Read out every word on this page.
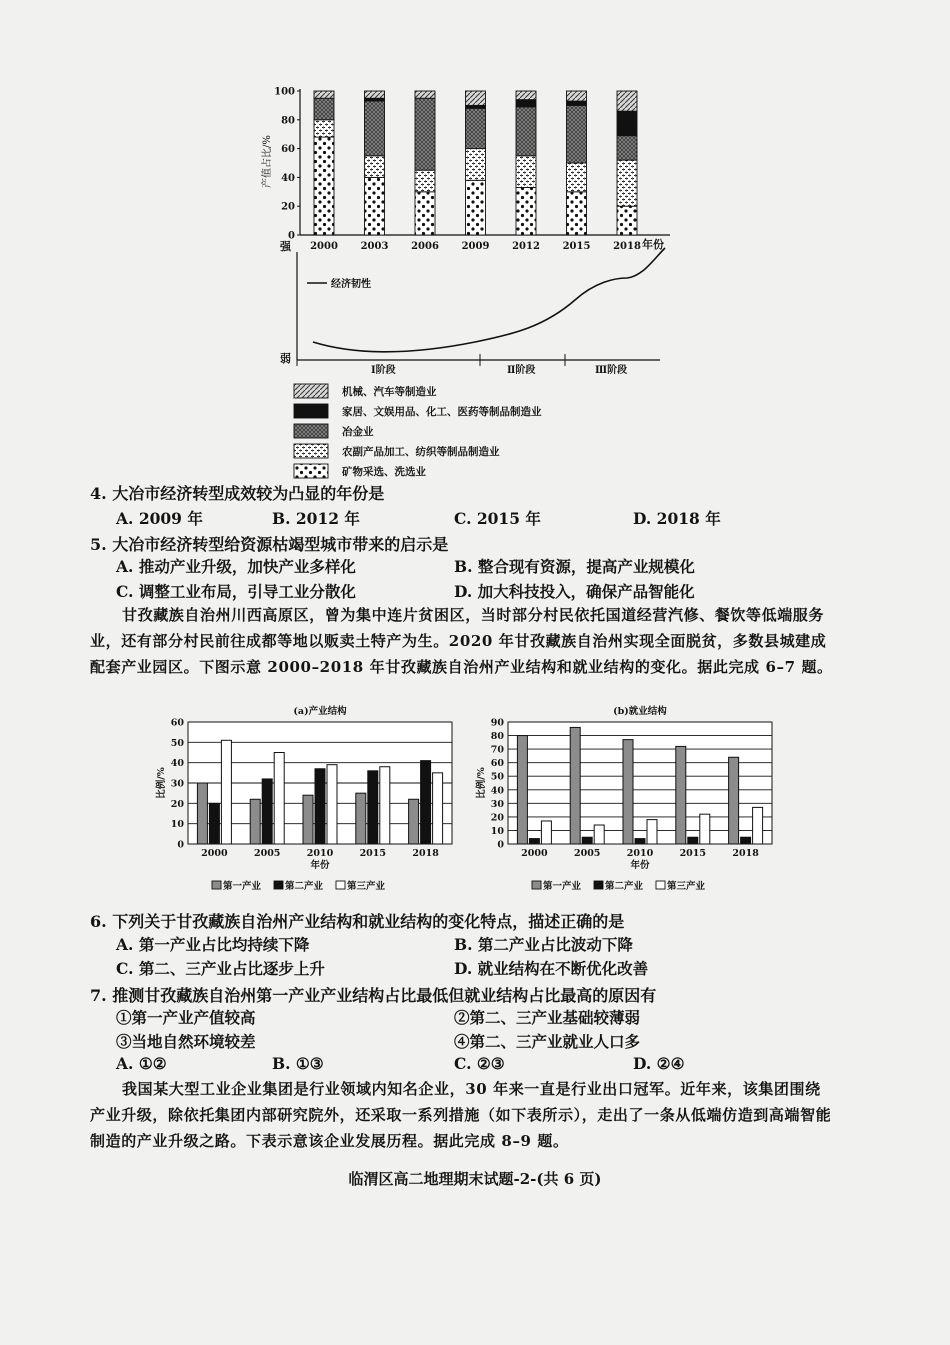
产值占比/%
0
20
40
60
80
100
2000 2003 2006 2009 2012 2015 2018 年份
强
弱
经济韧性
Ⅰ阶段	Ⅱ阶段	Ⅲ阶段
机械、汽车等制造业
家居、文娱用品、化工、医药等制品制造业
冶金业
农副产品加工、纺织等制品制造业
矿物采选、洗选业
4. 大冶市经济转型成效较为凸显的年份是
A. 2009 年	B. 2012 年	C. 2015 年	D. 2018 年
5. 大冶市经济转型给资源枯竭型城市带来的启示是
A. 推动产业升级，加快产业多样化	B. 整合现有资源，提高产业规模化
C. 调整工业布局，引导工业分散化	D. 加大科技投入，确保产品智能化
甘孜藏族自治州川西高原区，曾为集中连片贫困区，当时部分村民依托国道经营汽修、餐饮等低端服务业，还有部分村民前往成都等地以贩卖土特产为生。2020 年甘孜藏族自治州实现全面脱贫，多数县城建成配套产业园区。下图示意 2000–2018 年甘孜藏族自治州产业结构和就业结构的变化。据此完成 6–7 题。
(a)产业结构
0
10
20
30
40
50
60
比例/%
2000	2005	2010	2015	2018
年份
第一产业	第二产业	第三产业
(b)就业结构
0
10
20
30
40
50
60
70
80
90
比例/%
2000	2005	2010	2015	2018
年份
第一产业	第二产业	第三产业
6. 下列关于甘孜藏族自治州产业结构和就业结构的变化特点，描述正确的是
A. 第一产业占比均持续下降	B. 第二产业占比波动下降
C. 第二、三产业占比逐步上升	D. 就业结构在不断优化改善
7. 推测甘孜藏族自治州第一产业产业结构占比最低但就业结构占比最高的原因有
①第一产业产值较高	②第二、三产业基础较薄弱
③当地自然环境较差	④第二、三产业就业人口多
A. ①②	B. ①③	C. ②③	D. ②④
我国某大型工业企业集团是行业领域内知名企业，30 年来一直是行业出口冠军。近年来，该集团围绕产业升级，除依托集团内部研究院外，还采取一系列措施（如下表所示），走出了一条从低端仿造到高端智能制造的产业升级之路。下表示意该企业发展历程。据此完成 8–9 题。
临渭区高二地理期末试题-2-(共 6 页)
